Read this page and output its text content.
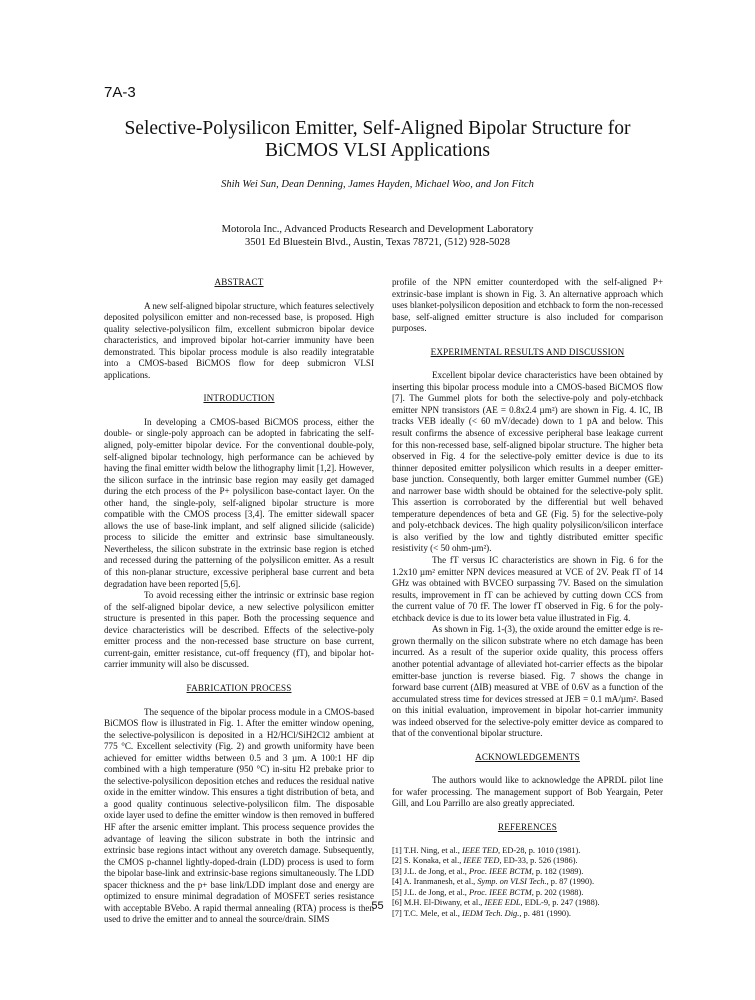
7A-3
Selective-Polysilicon Emitter, Self-Aligned Bipolar Structure for
BiCMOS VLSI Applications
Shih Wei Sun, Dean Denning, James Hayden, Michael Woo, and Jon Fitch
Motorola Inc., Advanced Products Research and Development Laboratory
3501 Ed Bluestein Blvd., Austin, Texas 78721, (512) 928-5028

ABSTRACT

A new self-aligned bipolar structure, which features selectively deposited polysilicon emitter and non-recessed base, is proposed. High quality selective-polysilicon film, excellent submicron bipolar device characteristics, and improved bipolar hot-carrier immunity have been demonstrated. This bipolar process module is also readily integratable into a CMOS-based BiCMOS flow for deep submicron VLSI applications.

INTRODUCTION

In developing a CMOS-based BiCMOS process, either the double- or single-poly approach can be adopted in fabricating the self-aligned, poly-emitter bipolar device. For the conventional double-poly, self-aligned bipolar technology, high performance can be achieved by having the final emitter width below the lithography limit [1,2]. However, the silicon surface in the intrinsic base region may easily get damaged during the etch process of the P+ polysilicon base-contact layer. On the other hand, the single-poly, self-aligned bipolar structure is more compatible with the CMOS process [3,4]. The emitter sidewall spacer allows the use of base-link implant, and self aligned silicide (salicide) process to silicide the emitter and extrinsic base simultaneously. Nevertheless, the silicon substrate in the extrinsic base region is etched and recessed during the patterning of the polysilicon emitter. As a result of this non-planar structure, excessive peripheral base current and beta degradation have been reported [5,6].

To avoid recessing either the intrinsic or extrinsic base region of the self-aligned bipolar device, a new selective polysilicon emitter structure is presented in this paper. Both the processing sequence and device characteristics will be described. Effects of the selective-poly emitter process and the non-recessed base structure on base current, current-gain, emitter resistance, cut-off frequency (fT), and bipolar hot-carrier immunity will also be discussed.

FABRICATION PROCESS

The sequence of the bipolar process module in a CMOS-based BiCMOS flow is illustrated in Fig. 1. After the emitter window opening, the selective-polysilicon is deposited in a H2/HCl/SiH2Cl2 ambient at 775 °C. Excellent selectivity (Fig. 2) and growth uniformity have been achieved for emitter widths between 0.5 and 3 µm. A 100:1 HF dip combined with a high temperature (950 °C) in-situ H2 prebake prior to the selective-polysilicon deposition etches and reduces the residual native oxide in the emitter window. This ensures a tight distribution of beta, and a good quality continuous selective-polysilicon film. The disposable oxide layer used to define the emitter window is then removed in buffered HF after the arsenic emitter implant. This process sequence provides the advantage of leaving the silicon substrate in both the intrinsic and extrinsic base regions intact without any overetch damage. Subsequently, the CMOS p-channel lightly-doped-drain (LDD) process is used to form the bipolar base-link and extrinsic-base regions simultaneously. The LDD spacer thickness and the p+ base link/LDD implant dose and energy are optimized to ensure minimal degradation of MOSFET series resistance with acceptable BVebo. A rapid thermal annealing (RTA) process is then used to drive the emitter and to anneal the source/drain. SIMS

profile of the NPN emitter counterdoped with the self-aligned P+ extrinsic-base implant is shown in Fig. 3. An alternative approach which uses blanket-polysilicon deposition and etchback to form the non-recessed base, self-aligned emitter structure is also included for comparison purposes.

EXPERIMENTAL RESULTS AND DISCUSSION

Excellent bipolar device characteristics have been obtained by inserting this bipolar process module into a CMOS-based BiCMOS flow [7]. The Gummel plots for both the selective-poly and poly-etchback emitter NPN transistors (AE = 0.8x2.4 µm²) are shown in Fig. 4. IC, IB tracks VEB ideally (< 60 mV/decade) down to 1 pA and below. This result confirms the absence of excessive peripheral base leakage current for this non-recessed base, self-aligned bipolar structure. The higher beta observed in Fig. 4 for the selective-poly emitter device is due to its thinner deposited emitter polysilicon which results in a deeper emitter-base junction. Consequently, both larger emitter Gummel number (GE) and narrower base width should be obtained for the selective-poly split. This assertion is corroborated by the differential but well behaved temperature dependences of beta and GE (Fig. 5) for the selective-poly and poly-etchback devices. The high quality polysilicon/silicon interface is also verified by the low and tightly distributed emitter specific resistivity (< 50 ohm-µm²).

The fT versus IC characteristics are shown in Fig. 6 for the 1.2x10 µm² emitter NPN devices measured at VCE of 2V. Peak fT of 14 GHz was obtained with BVCEO surpassing 7V. Based on the simulation results, improvement in fT can be achieved by cutting down CCS from the current value of 70 fF. The lower fT observed in Fig. 6 for the poly-etchback device is due to its lower beta value illustrated in Fig. 4.

As shown in Fig. 1-(3), the oxide around the emitter edge is re-grown thermally on the silicon substrate where no etch damage has been incurred. As a result of the superior oxide quality, this process offers another potential advantage of alleviated hot-carrier effects as the bipolar emitter-base junction is reverse biased. Fig. 7 shows the change in forward base current (ΔIB) measured at VBE of 0.6V as a function of the accumulated stress time for devices stressed at JEB = 0.1 mA/µm². Based on this initial evaluation, improvement in bipolar hot-carrier immunity was indeed observed for the selective-poly emitter device as compared to that of the conventional bipolar structure.

ACKNOWLEDGEMENTS

The authors would like to acknowledge the APRDL pilot line for wafer processing. The management support of Bob Yeargain, Peter Gill, and Lou Parrillo are also greatly appreciated.

REFERENCES

[1] T.H. Ning, et al., IEEE TED, ED-28, p. 1010 (1981).
[2] S. Konaka, et al., IEEE TED, ED-33, p. 526 (1986).
[3] J.L. de Jong, et al., Proc. IEEE BCTM, p. 182 (1989).
[4] A. Iranmanesh, et al., Symp. on VLSI Tech., p. 87 (1990).
[5] J.L. de Jong, et al., Proc. IEEE BCTM, p. 202 (1988).
[6] M.H. El-Diwany, et al., IEEE EDL, EDL-9, p. 247 (1988).
[7] T.C. Mele, et al., IEDM Tech. Dig., p. 481 (1990).
55
